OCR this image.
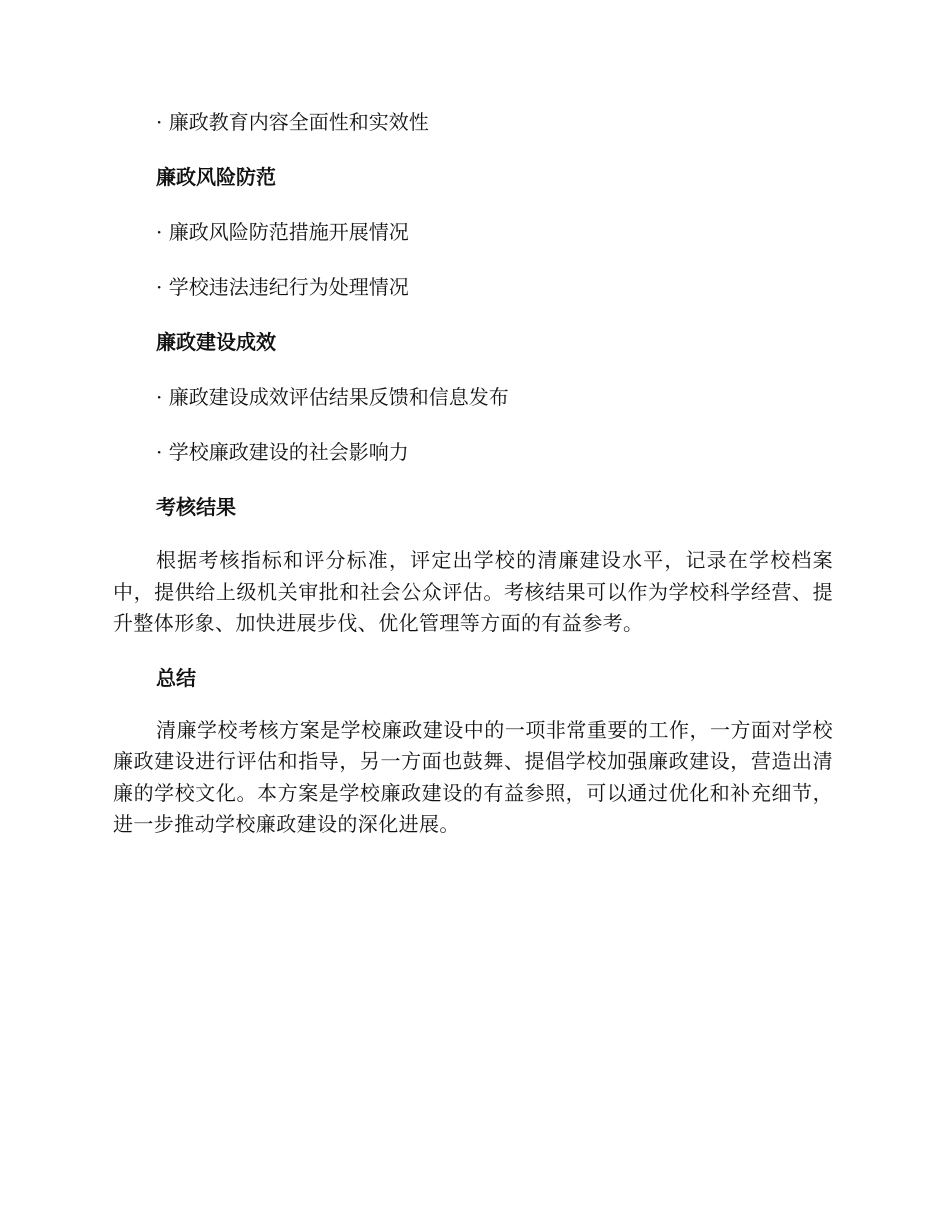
· 廉政教育内容全面性和实效性

廉政风险防范

· 廉政风险防范措施开展情况

· 学校违法违纪行为处理情况

廉政建设成效

· 廉政建设成效评估结果反馈和信息发布

· 学校廉政建设的社会影响力

考核结果

根据考核指标和评分标准，评定出学校的清廉建设水平，记录在学校档案中，提供给上级机关审批和社会公众评估。考核结果可以作为学校科学经营、提升整体形象、加快进展步伐、优化管理等方面的有益参考。

总结

清廉学校考核方案是学校廉政建设中的一项非常重要的工作，一方面对学校廉政建设进行评估和指导，另一方面也鼓舞、提倡学校加强廉政建设，营造出清廉的学校文化。本方案是学校廉政建设的有益参照，可以通过优化和补充细节，进一步推动学校廉政建设的深化进展。
